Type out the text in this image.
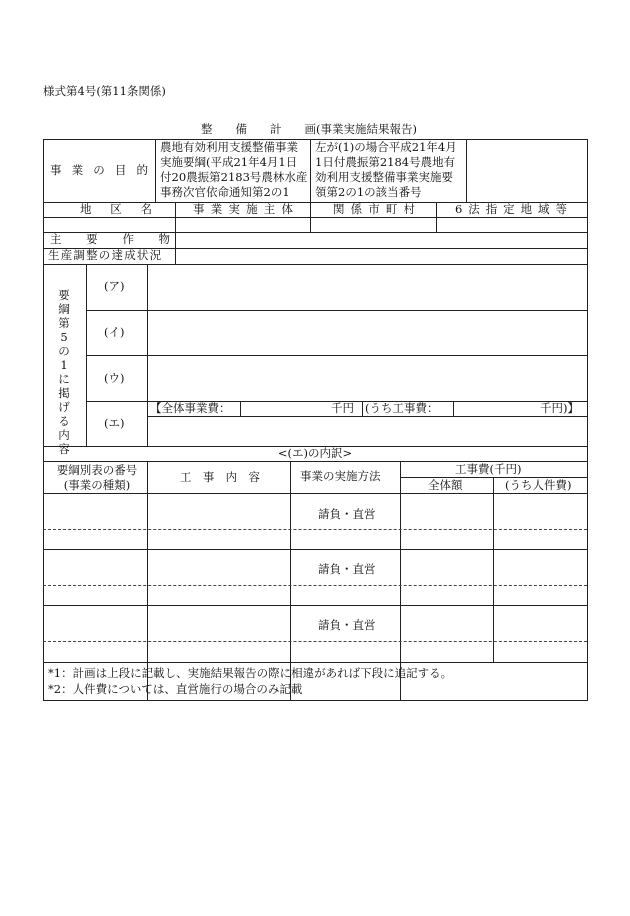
様式第4号(第11条関係)
整　　備　　計　　画(事業実施結果報告)
事 業 の 目 的
農地有効利用支援整備事業
実施要綱(平成21年4月1日
付20農振第2183号農林水産
事務次官依命通知第2の1
左が(1)の場合平成21年4月
1日付農振第2184号農地有
効利用支援整備事業実施要
領第2の1の該当番号
地 区 名	事 業 実 施 主 体	関 係 市 町 村	6 法 指 定 地 域 等
主 要 作 物
生産調整の達成状況
要綱第5の1に掲げる内容
(ア)
(イ)
(ウ)
(エ)
【全体事業費：	千円 (うち工事費：	千円)】
<(エ)の内訳>
要綱別表の番号
(事業の種類)
工 事 内 容	事業の実施方法	工事費(千円)
全体額	(うち人件費)
請負・直営
請負・直営
請負・直営
*1：計画は上段に記載し、実施結果報告の際に相違があれば下段に追記する。
*2：人件費については、直営施行の場合のみ記載
